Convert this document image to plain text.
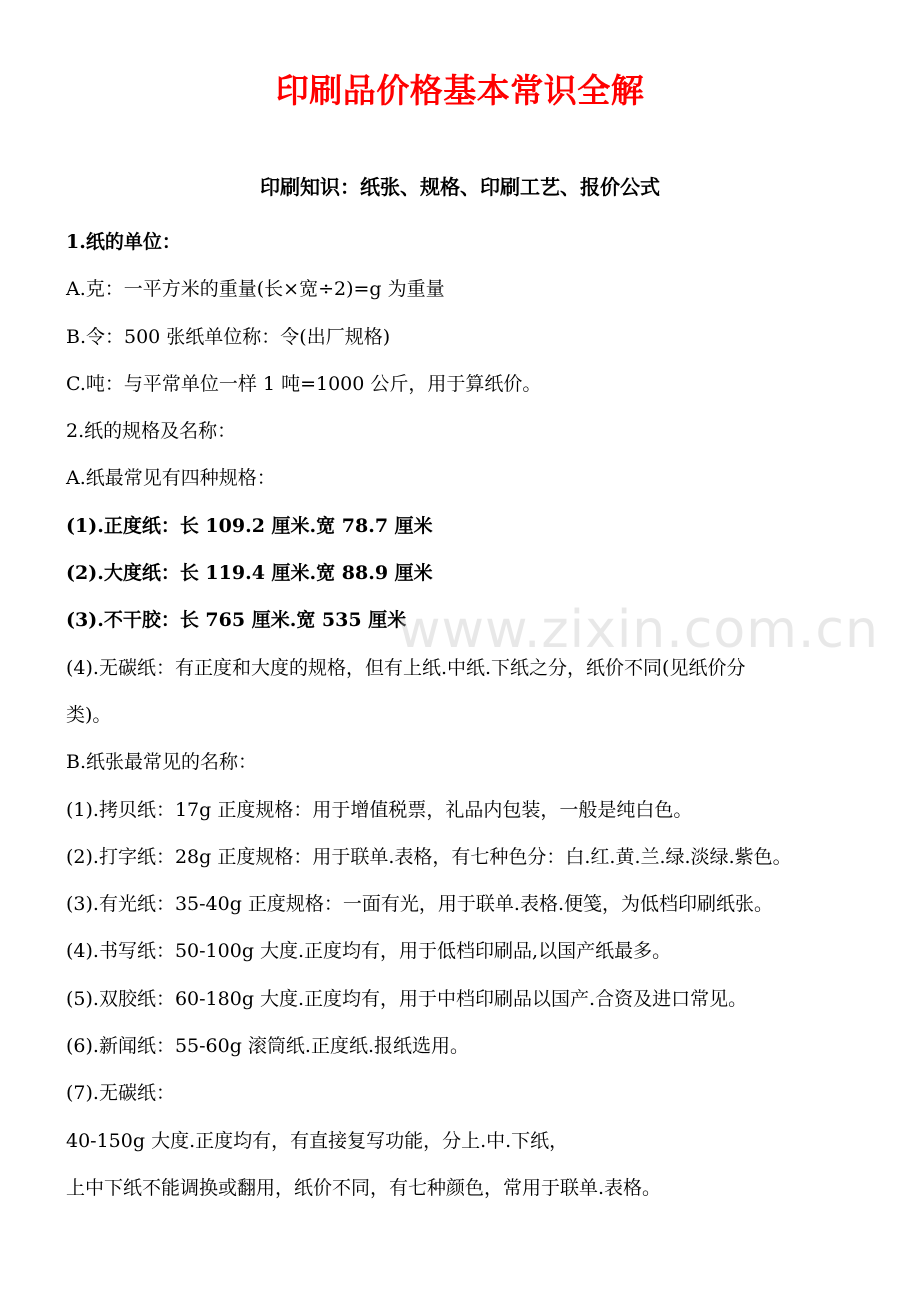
印刷品价格基本常识全解
印刷知识：纸张、规格、印刷工艺、报价公式
1.纸的单位：
A.克：一平方米的重量(长×宽÷2)=g 为重量
B.令：500 张纸单位称：令(出厂规格)
C.吨：与平常单位一样 1 吨=1000 公斤，用于算纸价。
2.纸的规格及名称：
A.纸最常见有四种规格：
(1).正度纸：长 109.2 厘米.宽 78.7 厘米
(2).大度纸：长 119.4 厘米.宽 88.9 厘米
(3).不干胶：长 765 厘米.宽 535 厘米
(4).无碳纸：有正度和大度的规格，但有上纸.中纸.下纸之分，纸价不同(见纸价分
类)。
B.纸张最常见的名称：
(1).拷贝纸：17g 正度规格：用于增值税票，礼品内包装，一般是纯白色。
(2).打字纸：28g 正度规格：用于联单.表格，有七种色分：白.红.黄.兰.绿.淡绿.紫色。
(3).有光纸：35-40g 正度规格：一面有光，用于联单.表格.便笺，为低档印刷纸张。
(4).书写纸：50-100g 大度.正度均有，用于低档印刷品,以国产纸最多。
(5).双胶纸：60-180g 大度.正度均有，用于中档印刷品以国产.合资及进口常见。
(6).新闻纸：55-60g 滚筒纸.正度纸.报纸选用。
(7).无碳纸：
40-150g 大度.正度均有，有直接复写功能，分上.中.下纸，
上中下纸不能调换或翻用，纸价不同，有七种颜色，常用于联单.表格。
www.zixin.com.cn
